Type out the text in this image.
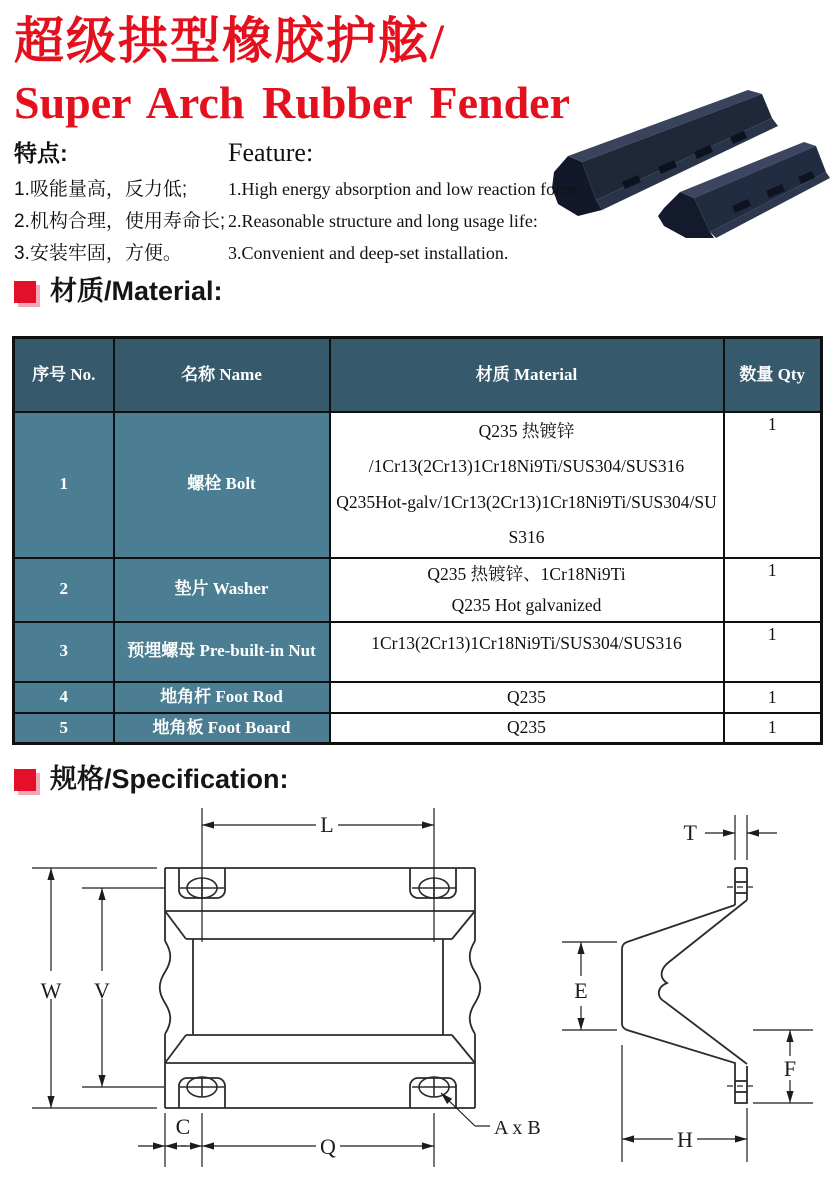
超级拱型橡胶护舷/
Super Arch Rubber Fender
特点:
1.吸能量高，反力低;
2.机构合理，使用寿命长;
3.安装牢固，方便。
Feature:
1.High energy absorption and low reaction force:
2.Reasonable structure and long usage life:
3.Convenient and deep-set installation.
材质/Material:
序号 No.	名称 Name	材质 Material	数量 Qty
1	螺栓 Bolt	Q235 热镀锌
/1Cr13(2Cr13)1Cr18Ni9Ti/SUS304/SUS316
Q235Hot-galv/1Cr13(2Cr13)1Cr18Ni9Ti/SUS304/SU
S316	1
2	垫片 Washer	Q235 热镀锌、1Cr18Ni9Ti
Q235 Hot galvanized	1
3	预埋螺母 Pre-built-in Nut	1Cr13(2Cr13)1Cr18Ni9Ti/SUS304/SUS316	1
4	地角杆 Foot Rod	Q235	1
5	地角板 Foot Board	Q235	1
规格/Specification:
L
W V
C
Q
A x B
T
E
F
H
